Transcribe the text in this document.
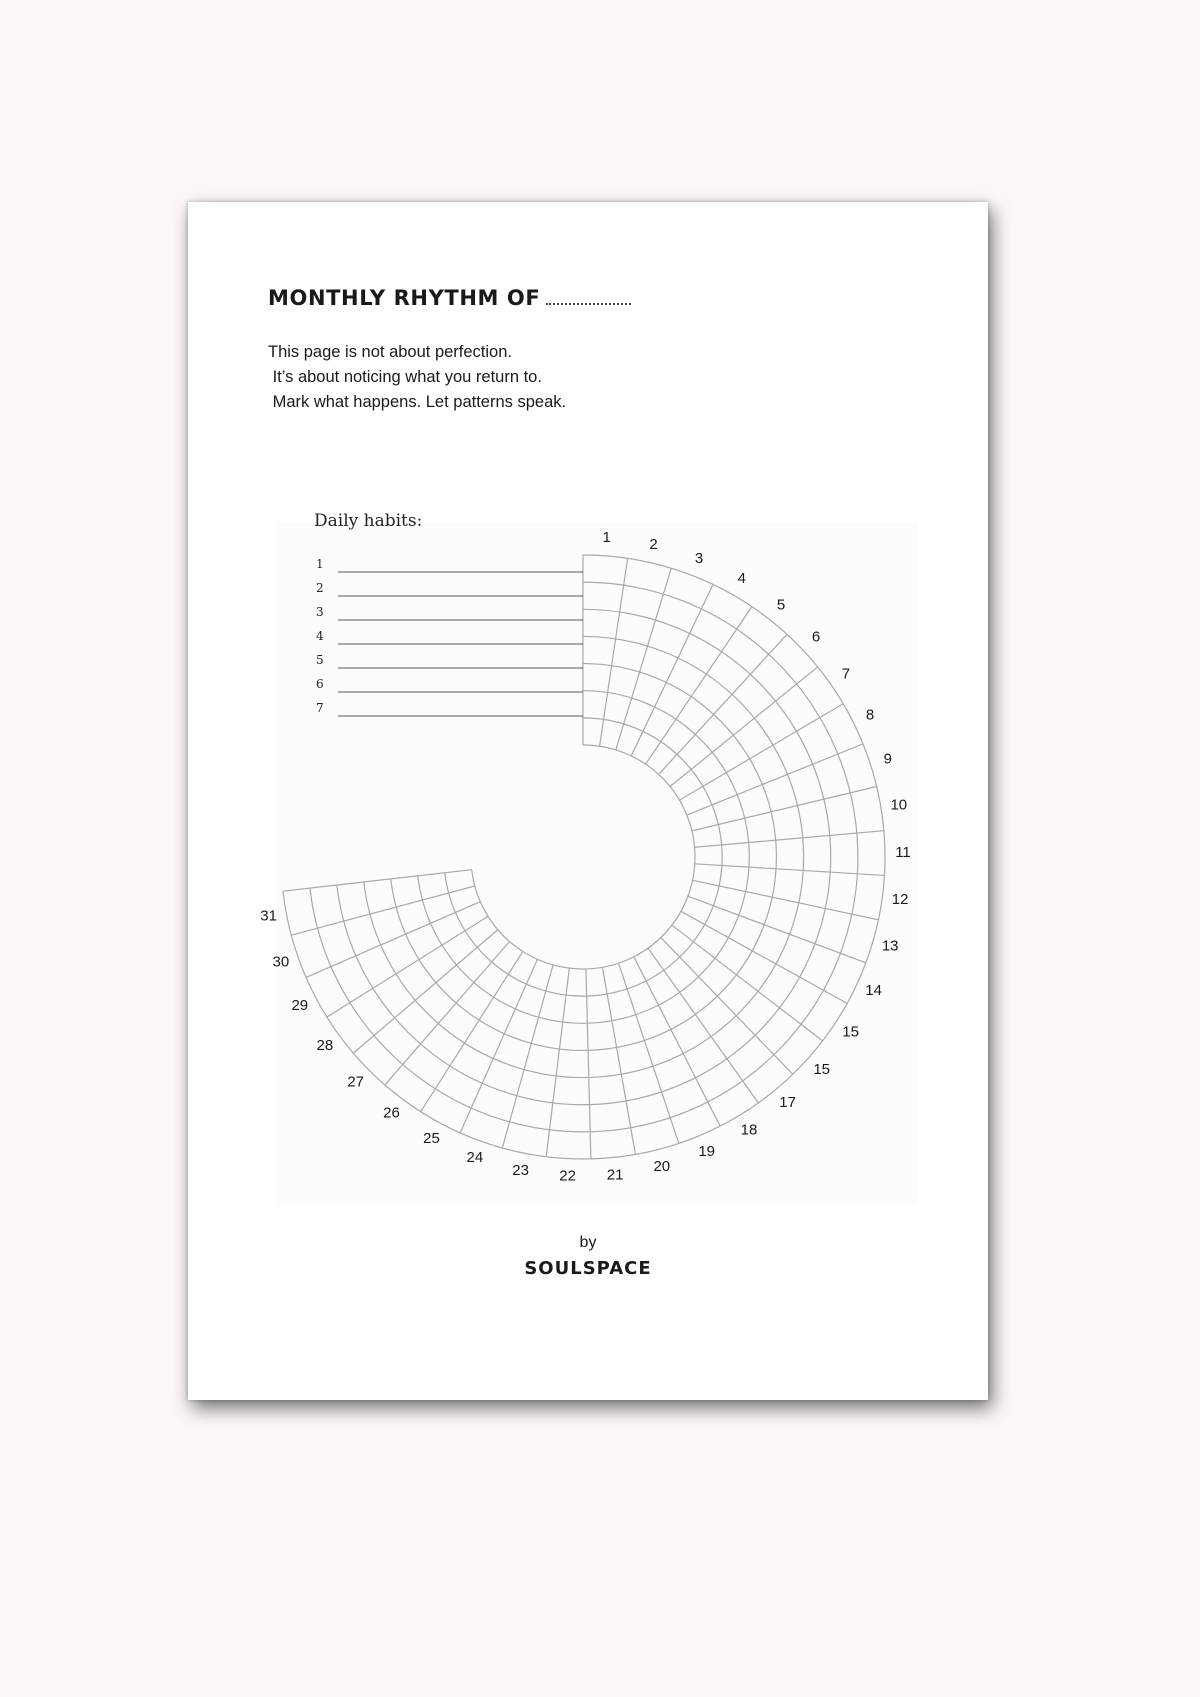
MONTHLY RHYTHM OF
This page is not about perfection.
It’s about noticing what you return to.
Mark what happens. Let patterns speak.
1	2
3
4
5
6
7
8
9
10
11
12
13
14
15
15
17
18
19
20
21
22
23
24
25
26
27
28
29
30
31
Daily habits:
1
2
3
4
5
6
7
by
SOULSPACE
